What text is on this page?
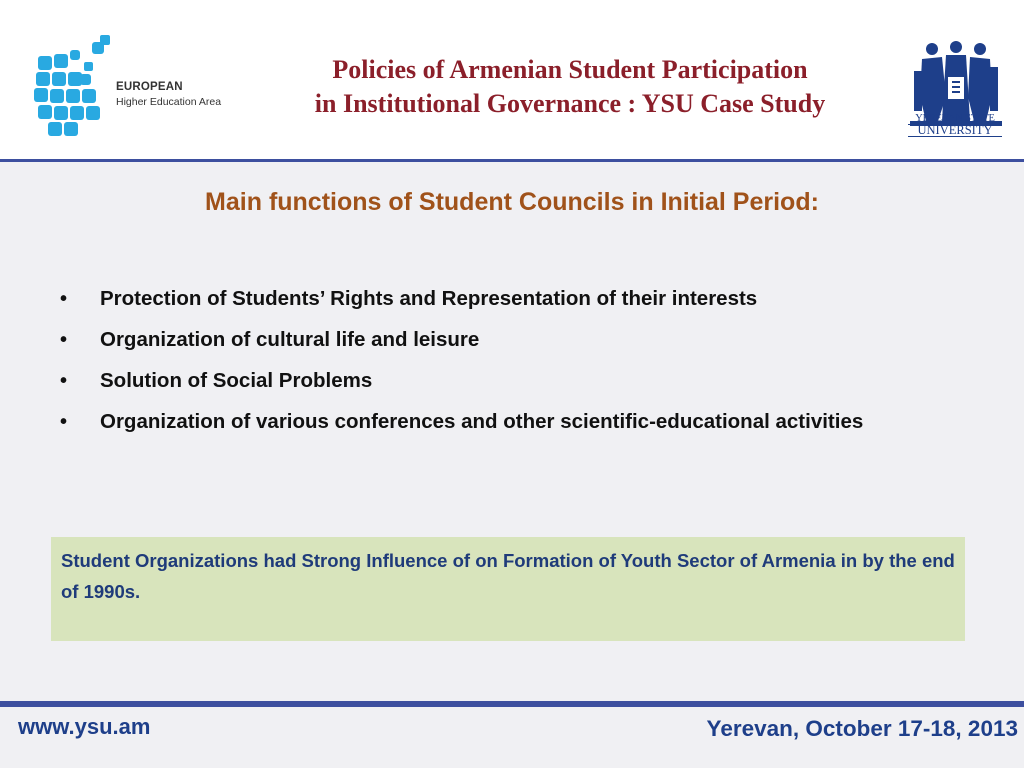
EUROPEAN
Higher Education Area
Policies of Armenian Student Participation
in Institutional Governance : YSU Case Study
YEREVAN STATE
UNIVERSITY
Main functions of Student Councils in Initial Period:
• Protection of Students’ Rights and Representation of their interests
• Organization of cultural life and leisure
• Solution of Social Problems
• Organization of various conferences and other scientific-educational activities
Student Organizations had Strong Influence of on Formation of Youth Sector of Armenia in by the end of 1990s.
www.ysu.am	Yerevan, October 17-18, 2013
